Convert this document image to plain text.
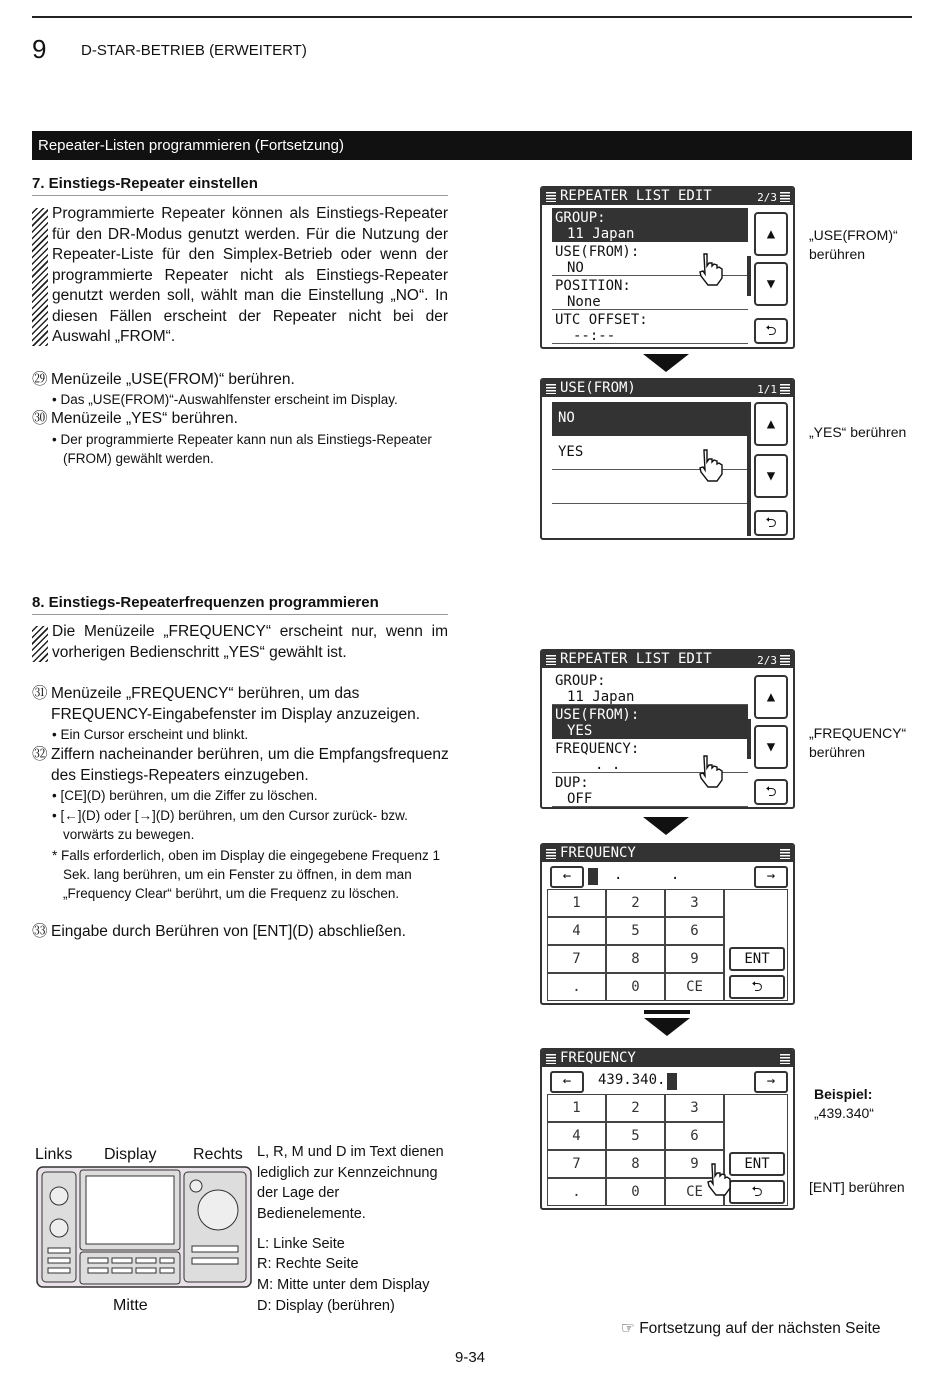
9 D-STAR-BETRIEB (ERWEITERT)
Repeater-Listen programmieren (Fortsetzung)
7. Einstiegs-Repeater einstellen

Programmierte Repeater können als Einstiegs-Repeater für den DR-Modus genutzt werden. Für die Nutzung der Repeater-Liste für den Simplex-Betrieb oder wenn der programmierte Repeater nicht als Einstiegs-Repeater genutzt werden soll, wählt man die Einstellung „NO“. In diesen Fällen erscheint der Repeater nicht bei der Auswahl „FROM“.

㉙ Menüzeile „USE(FROM)“ berühren.
• Das „USE(FROM)“-Auswahlfenster erscheint im Display.
㉚ Menüzeile „YES“ berühren.
• Der programmierte Repeater kann nun als Einstiegs-Repeater (FROM) gewählt werden.
8. Einstiegs-Repeaterfrequenzen programmieren

Die Menüzeile „FREQUENCY“ erscheint nur, wenn im vorherigen Bedienschritt „YES“ gewählt ist.

㉛ Menüzeile „FREQUENCY“ berühren, um das FREQUENCY-Eingabefenster im Display anzuzeigen.
• Ein Cursor erscheint und blinkt.
㉜ Ziffern nacheinander berühren, um die Empfangsfrequenz des Einstiegs-Repeaters einzugeben.
• [CE](D) berühren, um die Ziffer zu löschen.
• [←](D) oder [→](D) berühren, um den Cursor zurück- bzw. vorwärts zu bewegen.
* Falls erforderlich, oben im Display die eingegebene Frequenz 1 Sek. lang berühren, um ein Fenster zu öffnen, in dem man „Frequency Clear“ berührt, um die Frequenz zu löschen.
㉝ Eingabe durch Berühren von [ENT](D) abschließen.
REPEATER LIST EDIT	2/3
GROUP:
11 Japan
USE(FROM):
NO
POSITION:
None
UTC OFFSET:
--:--
▲
▼
⮌
„USE(FROM)“ berühren
USE(FROM)	1/1
NO
YES
▲
▼
⮌
„YES“ berühren
REPEATER LIST EDIT	2/3
GROUP:
11 Japan
USE(FROM):
YES
FREQUENCY:
. .
DUP:
OFF
▲
▼
⮌
„FREQUENCY“ berühren
FREQUENCY
←	. .	→
1	2	3
4	5	6
7	8	9
.	0	CE
ENT
⮌
FREQUENCY
←	439.340.	→
1	2	3
4	5	6
7	8	9
.	0	CE
ENT
⮌
Beispiel:
„439.340“
[ENT] berühren
Links Display Rechts
Mitte
L, R, M und D im Text dienen lediglich zur Kennzeichnung der Lage der Bedienelemente.
L: Linke Seite
R: Rechte Seite
M: Mitte unter dem Display
D: Display (berühren)
☞ Fortsetzung auf der nächsten Seite
9-34
